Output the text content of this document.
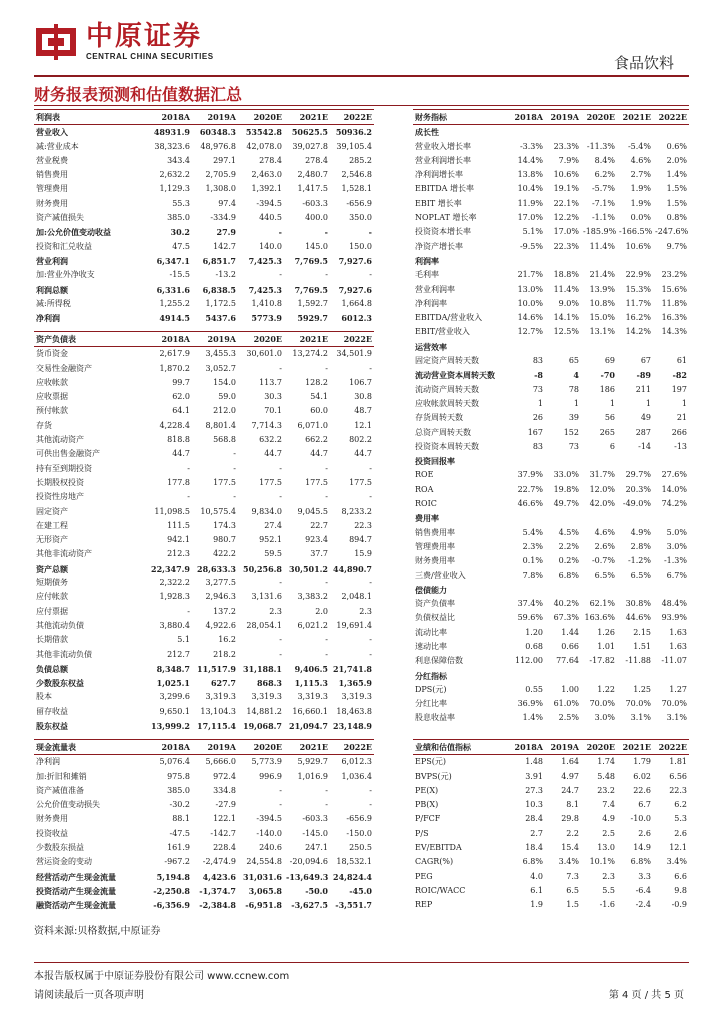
中原证券
CENTRAL CHINA SECURITIES	食品饮料
财务报表预测和估值数据汇总
利润表	2018A	2019A	2020E	2021E	2022E
营业收入	48931.9	60348.3	53542.8	50625.5	50936.2
减:营业成本	38,323.6	48,976.8	42,078.0	39,027.8	39,105.4
营业税费	343.4	297.1	278.4	278.4	285.2
销售费用	2,632.2	2,705.9	2,463.0	2,480.7	2,546.8
管理费用	1,129.3	1,308.0	1,392.1	1,417.5	1,528.1
财务费用	55.3	97.4	-394.5	-603.3	-656.9
资产减值损失	385.0	-334.9	440.5	400.0	350.0
加:公允价值变动收益	30.2	27.9	-	-	-
投资和汇兑收益	47.5	142.7	140.0	145.0	150.0
营业利润	6,347.1	6,851.7	7,425.3	7,769.5	7,927.6
加:营业外净收支	-15.5	-13.2	-	-	-
利润总额	6,331.6	6,838.5	7,425.3	7,769.5	7,927.6
减:所得税	1,255.2	1,172.5	1,410.8	1,592.7	1,664.8
净利润	4914.5	5437.6	5773.9	5929.7	6012.3
资产负债表	2018A	2019A	2020E	2021E	2022E
货币资金	2,617.9	3,455.3	30,601.0	13,274.2	34,501.9
交易性金融资产	1,870.2	3,052.7	-	-	-
应收帐款	99.7	154.0	113.7	128.2	106.7
应收票据	62.0	59.0	30.3	54.1	30.8
预付帐款	64.1	212.0	70.1	60.0	48.7
存货	4,228.4	8,801.4	7,714.3	6,071.0	12.1
其他流动资产	818.8	568.8	632.2	662.2	802.2
可供出售金融资产	44.7	-	44.7	44.7	44.7
持有至到期投资	-	-	-	-	-
长期股权投资	177.8	177.5	177.5	177.5	177.5
投资性房地产	-	-	-	-	-
固定资产	11,098.5	10,575.4	9,834.0	9,045.5	8,233.2
在建工程	111.5	174.3	27.4	22.7	22.3
无形资产	942.1	980.7	952.1	923.4	894.7
其他非流动资产	212.3	422.2	59.5	37.7	15.9
资产总额	22,347.9	28,633.3	50,256.8	30,501.2	44,890.7
短期债务	2,322.2	3,277.5	-	-	-
应付帐款	1,928.3	2,946.3	3,131.6	3,383.2	2,048.1
应付票据	-	137.2	2.3	2.0	2.3
其他流动负债	3,880.4	4,922.6	28,054.1	6,021.2	19,691.4
长期借款	5.1	16.2	-	-	-
其他非流动负债	212.7	218.2	-	-	-
负债总额	8,348.7	11,517.9	31,188.1	9,406.5	21,741.8
少数股东权益	1,025.1	627.7	868.3	1,115.3	1,365.9
股本	3,299.6	3,319.3	3,319.3	3,319.3	3,319.3
留存收益	9,650.1	13,104.3	14,881.2	16,660.1	18,463.8
股东权益	13,999.2	17,115.4	19,068.7	21,094.7	23,148.9
现金流量表	2018A	2019A	2020E	2021E	2022E
净利润	5,076.4	5,666.0	5,773.9	5,929.7	6,012.3
加:折旧和摊销	975.8	972.4	996.9	1,016.9	1,036.4
资产减值准备	385.0	334.8	-	-	-
公允价值变动损失	-30.2	-27.9	-	-	-
财务费用	88.1	122.1	-394.5	-603.3	-656.9
投资收益	-47.5	-142.7	-140.0	-145.0	-150.0
少数股东损益	161.9	228.4	240.6	247.1	250.5
营运资金的变动	-967.2	-2,474.9	24,554.8	-20,094.6	18,532.1
经营活动产生现金流量	5,194.8	4,423.6	31,031.6	-13,649.3	24,824.4
投资活动产生现金流量	-2,250.8	-1,374.7	3,065.8	-50.0	-45.0
融资活动产生现金流量	-6,356.9	-2,384.8	-6,951.8	-3,627.5	-3,551.7
财务指标	2018A	2019A	2020E	2021E	2022E
成长性					
营业收入增长率	-3.3%	23.3%	-11.3%	-5.4%	0.6%
营业利润增长率	14.4%	7.9%	8.4%	4.6%	2.0%
净利润增长率	13.8%	10.6%	6.2%	2.7%	1.4%
EBITDA 增长率	10.4%	19.1%	-5.7%	1.9%	1.5%
EBIT 增长率	11.9%	22.1%	-7.1%	1.9%	1.5%
NOPLAT 增长率	17.0%	12.2%	-1.1%	0.0%	0.8%
投资资本增长率	5.1%	17.0%	-185.9%	-166.5%	-247.6%
净资产增长率	-9.5%	22.3%	11.4%	10.6%	9.7%
利润率					
毛利率	21.7%	18.8%	21.4%	22.9%	23.2%
营业利润率	13.0%	11.4%	13.9%	15.3%	15.6%
净利润率	10.0%	9.0%	10.8%	11.7%	11.8%
EBITDA/营业收入	14.6%	14.1%	15.0%	16.2%	16.3%
EBIT/营业收入	12.7%	12.5%	13.1%	14.2%	14.3%
运营效率					
固定资产周转天数	83	65	69	67	61
流动营业资本周转天数	-8	4	-70	-89	-82
流动资产周转天数	73	78	186	211	197
应收帐款周转天数	1	1	1	1	1
存货周转天数	26	39	56	49	21
总资产周转天数	167	152	265	287	266
投资资本周转天数	83	73	6	-14	-13
投资回报率					
ROE	37.9%	33.0%	31.7%	29.7%	27.6%
ROA	22.7%	19.8%	12.0%	20.3%	14.0%
ROIC	46.6%	49.7%	42.0%	-49.0%	74.2%
费用率					
销售费用率	5.4%	4.5%	4.6%	4.9%	5.0%
管理费用率	2.3%	2.2%	2.6%	2.8%	3.0%
财务费用率	0.1%	0.2%	-0.7%	-1.2%	-1.3%
三费/营业收入	7.8%	6.8%	6.5%	6.5%	6.7%
偿债能力					
资产负债率	37.4%	40.2%	62.1%	30.8%	48.4%
负债权益比	59.6%	67.3%	163.6%	44.6%	93.9%
流动比率	1.20	1.44	1.26	2.15	1.63
速动比率	0.68	0.66	1.01	1.51	1.63
利息保障倍数	112.00	77.64	-17.82	-11.88	-11.07
分红指标					
DPS(元)	0.55	1.00	1.22	1.25	1.27
分红比率	36.9%	61.0%	70.0%	70.0%	70.0%
股息收益率	1.4%	2.5%	3.0%	3.1%	3.1%
业绩和估值指标	2018A	2019A	2020E	2021E	2022E
EPS(元)	1.48	1.64	1.74	1.79	1.81
BVPS(元)	3.91	4.97	5.48	6.02	6.56
PE(X)	27.3	24.7	23.2	22.6	22.3
PB(X)	10.3	8.1	7.4	6.7	6.2
P/FCF	28.4	29.8	4.9	-10.0	5.3
P/S	2.7	2.2	2.5	2.6	2.6
EV/EBITDA	18.4	15.4	13.0	14.9	12.1
CAGR(%)	6.8%	3.4%	10.1%	6.8%	3.4%
PEG	4.0	7.3	2.3	3.3	6.6
ROIC/WACC	6.1	6.5	5.5	-6.4	9.8
REP	1.9	1.5	-1.6	-2.4	-0.9
资料来源:贝格数据,中原证券
本报告版权属于中原证券股份有限公司 www.ccnew.com
请阅读最后一页各项声明	第 4 页 / 共 5 页
